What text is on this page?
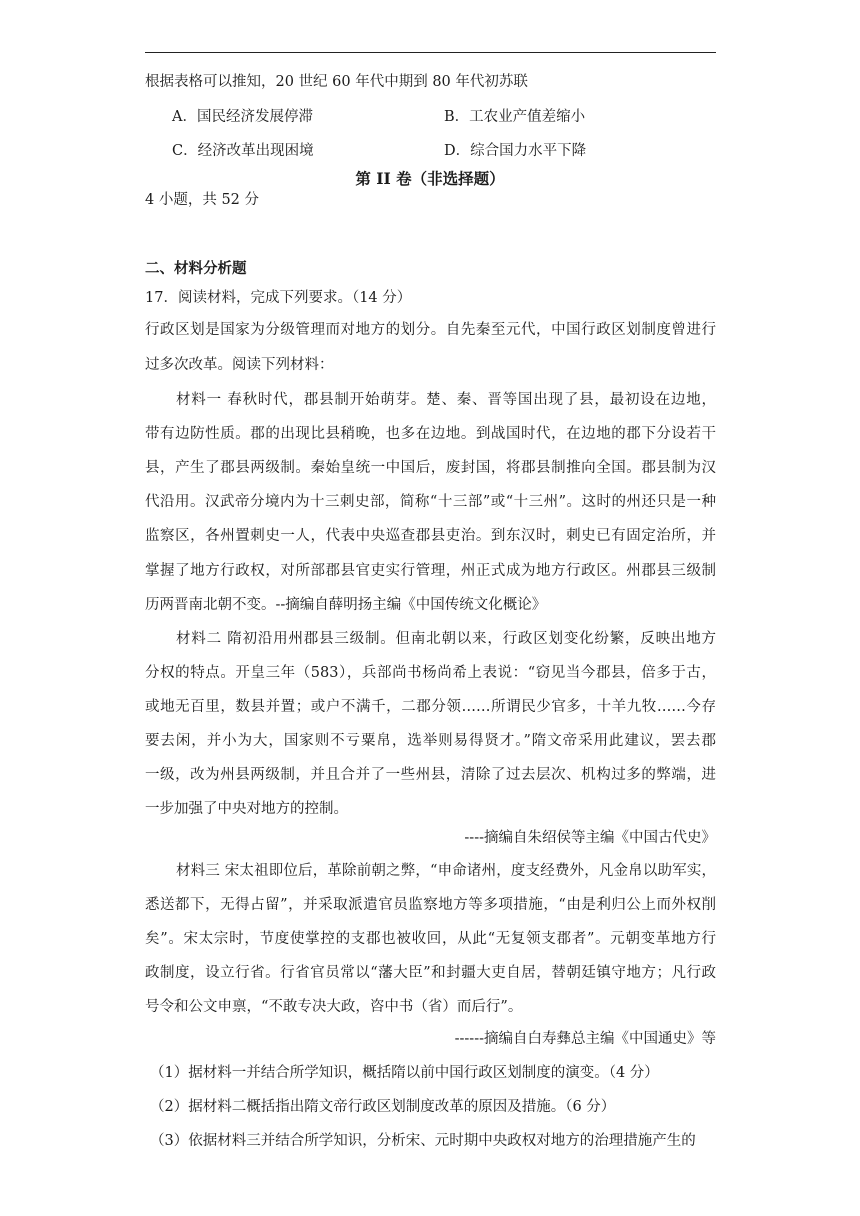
根据表格可以推知，20 世纪 60 年代中期到 80 年代初苏联
A．国民经济发展停滞	B．工农业产值差缩小
C．经济改革出现困境	D．综合国力水平下降
第 II 卷（非选择题）
4 小题，共 52 分
二、材料分析题
17．阅读材料，完成下列要求。（14 分）
行政区划是国家为分级管理而对地方的划分。自先秦至元代，中国行政区划制度曾进行
过多次改革。阅读下列材料：
材料一 春秋时代，郡县制开始萌芽。楚、秦、晋等国出现了县，最初设在边地，
带有边防性质。郡的出现比县稍晚，也多在边地。到战国时代，在边地的郡下分设若干
县，产生了郡县两级制。秦始皇统一中国后，废封国，将郡县制推向全国。郡县制为汉
代沿用。汉武帝分境内为十三刺史部，简称“十三部”或“十三州”。这时的州还只是一种
监察区，各州置刺史一人，代表中央巡查郡县吏治。到东汉时，刺史已有固定治所，并
掌握了地方行政权，对所部郡县官吏实行管理，州正式成为地方行政区。州郡县三级制
历两晋南北朝不变。--摘编自薛明扬主编《中国传统文化概论》
材料二 隋初沿用州郡县三级制。但南北朝以来，行政区划变化纷繁，反映出地方
分权的特点。开皇三年（583），兵部尚书杨尚希上表说：“窃见当今郡县，倍多于古，
或地无百里，数县并置；或户不满千，二郡分领……所谓民少官多，十羊九牧……今存
要去闲，并小为大，国家则不亏粟帛，选举则易得贤才。”隋文帝采用此建议，罢去郡
一级，改为州县两级制，并且合并了一些州县，清除了过去层次、机构过多的弊端，进
一步加强了中央对地方的控制。
----摘编自朱绍侯等主编《中国古代史》
材料三 宋太祖即位后，革除前朝之弊，“申命诸州，度支经费外，凡金帛以助军实，
悉送都下，无得占留”，并采取派遣官员监察地方等多项措施，“由是利归公上而外权削
矣”。宋太宗时，节度使掌控的支郡也被收回，从此“无复领支郡者”。元朝变革地方行
政制度，设立行省。行省官员常以“藩大臣”和封疆大吏自居，替朝廷镇守地方；凡行政
号令和公文申禀，“不敢专决大政，咨中书（省）而后行”。
------摘编自白寿彝总主编《中国通史》等
（1）据材料一并结合所学知识，概括隋以前中国行政区划制度的演变。（4 分）
（2）据材料二概括指出隋文帝行政区划制度改革的原因及措施。（6 分）
（3）依据材料三并结合所学知识，分析宋、元时期中央政权对地方的治理措施产生的
